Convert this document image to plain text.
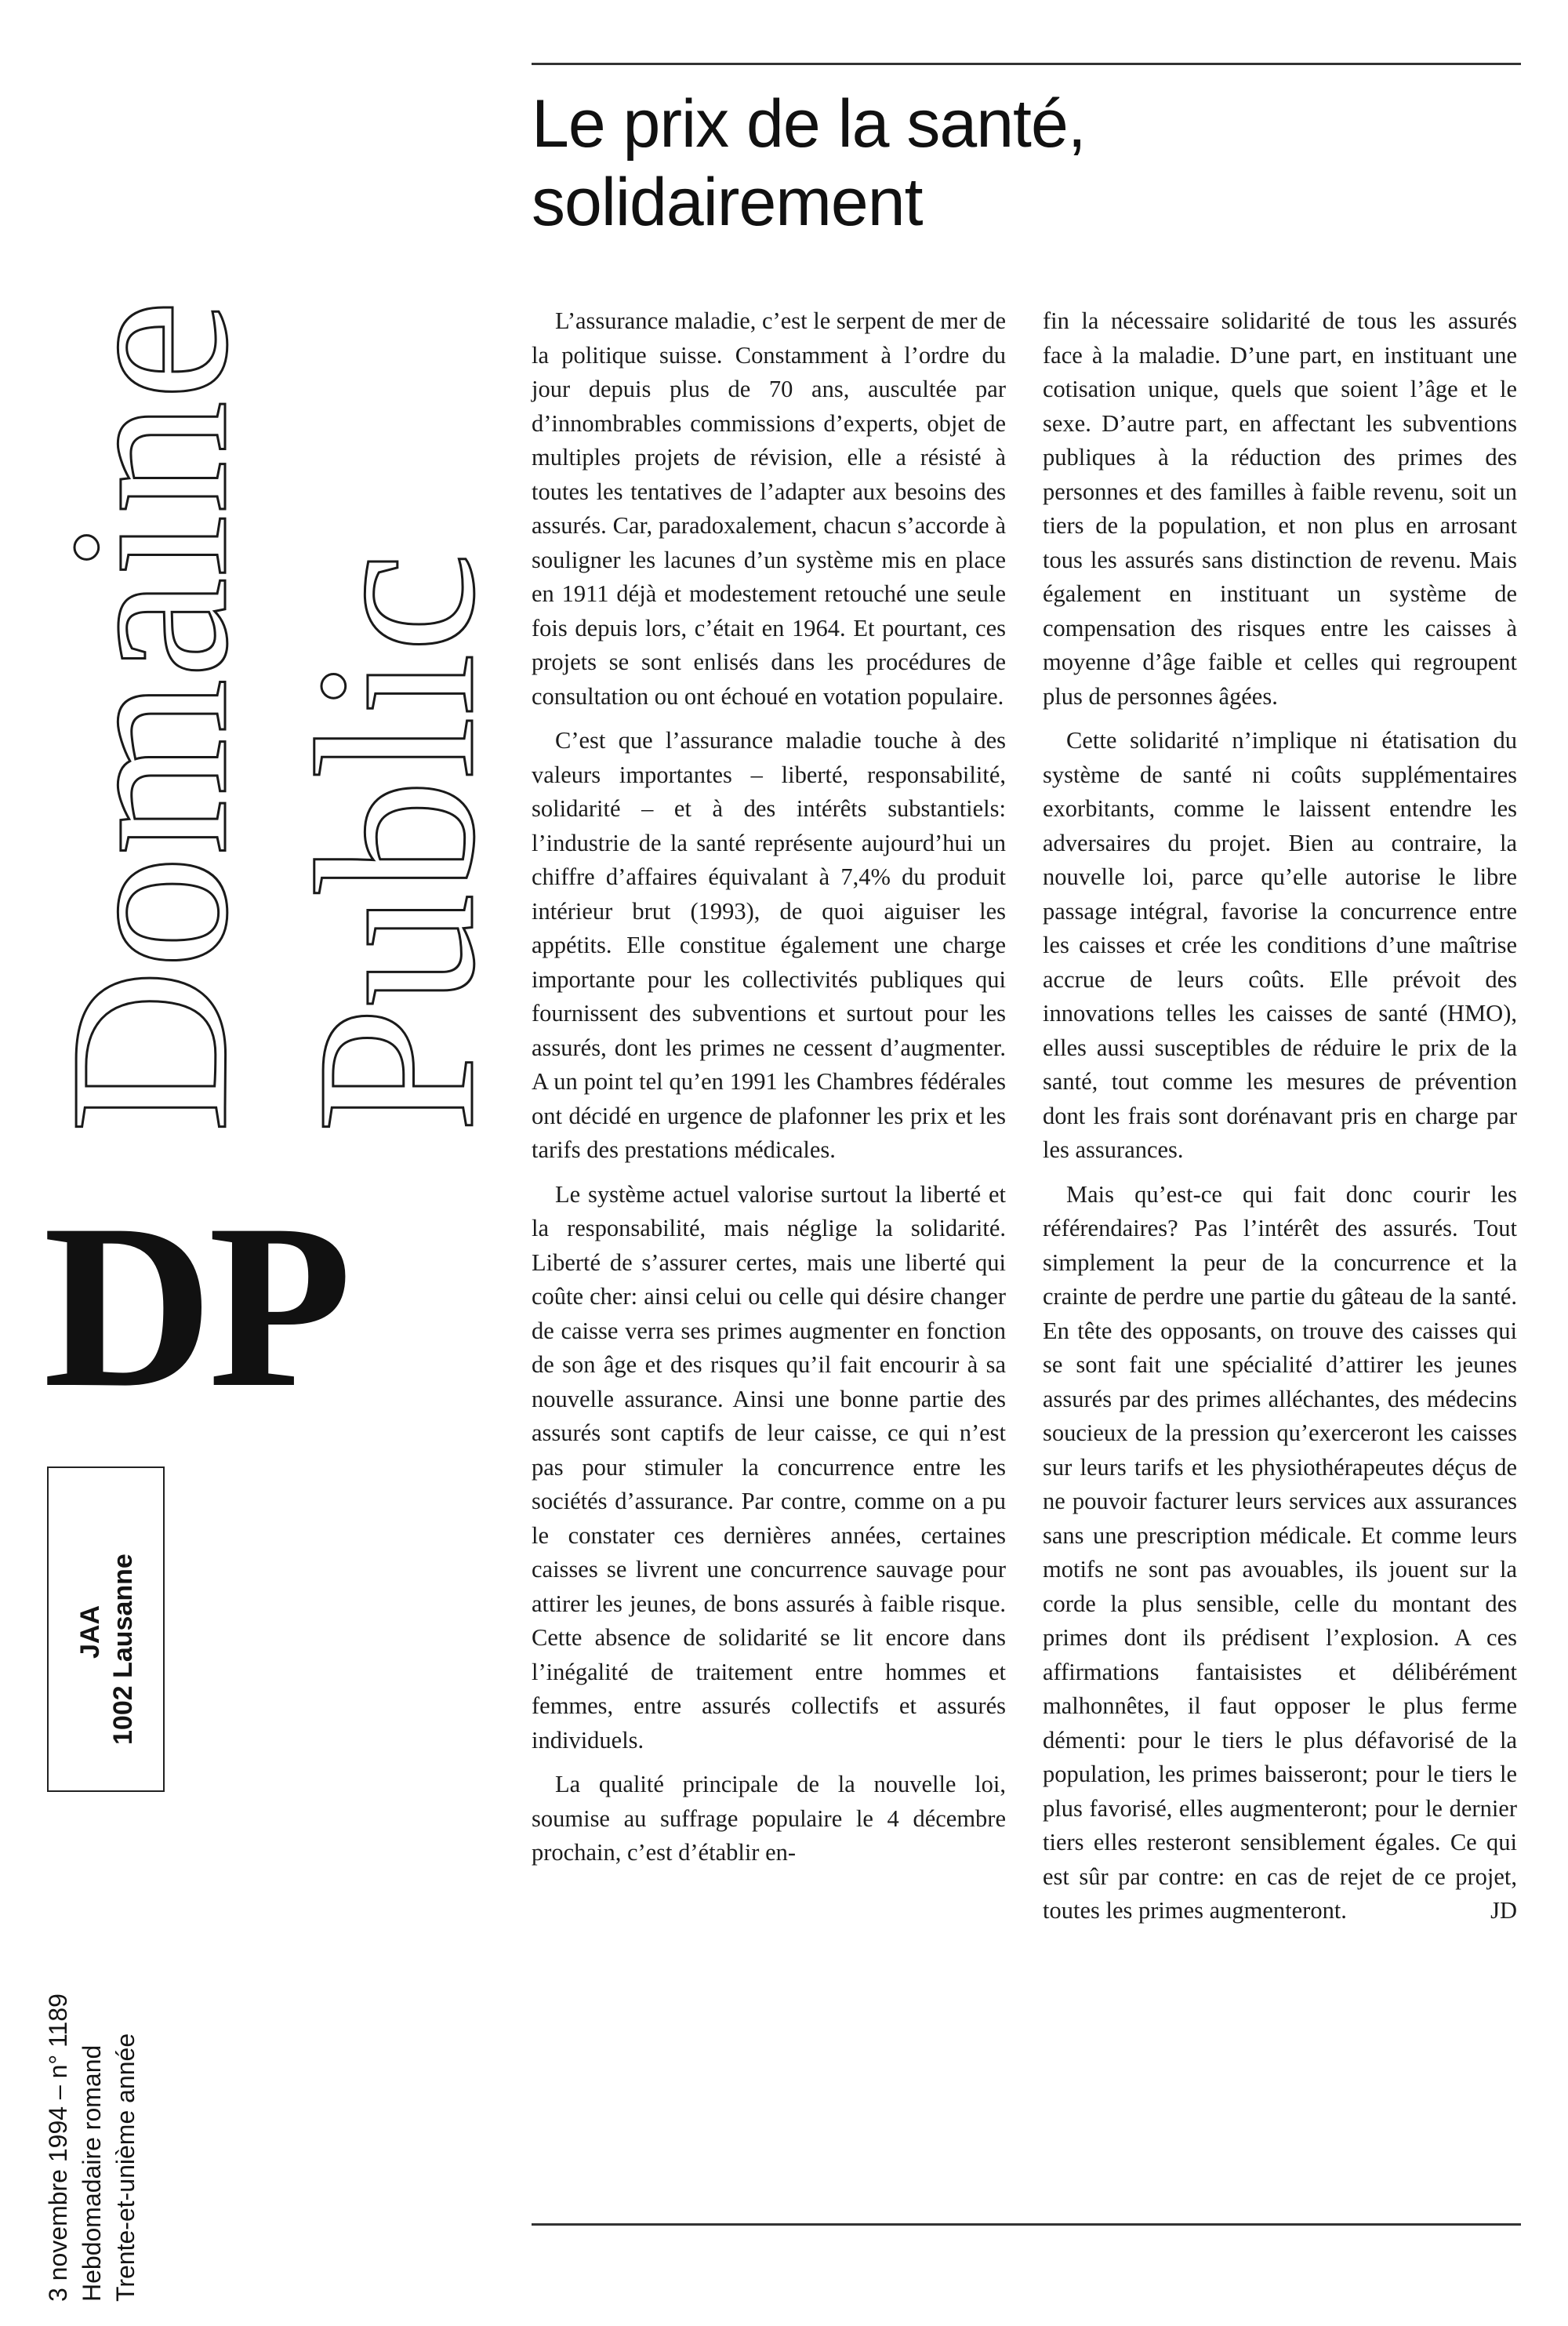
Domaine
Public
DP
JAA 1002 Lausanne
3 novembre 1994 – n° 1189 Hebdomadaire romand Trente-et-unième année
Le prix de la santé,
solidairement

L’assurance maladie, c’est le serpent de mer de la politique suisse. Constamment à l’ordre du jour depuis plus de 70 ans, auscultée par d’innombrables commissions d’experts, objet de multiples projets de révision, elle a résisté à toutes les tentatives de l’adapter aux besoins des assurés. Car, paradoxalement, chacun s’accorde à souligner les lacunes d’un système mis en place en 1911 déjà et modestement retouché une seule fois depuis lors, c’était en 1964. Et pourtant, ces projets se sont enlisés dans les procédures de consultation ou ont échoué en votation populaire.

C’est que l’assurance maladie touche à des valeurs importantes – liberté, responsabilité, solidarité – et à des intérêts substantiels: l’industrie de la santé représente aujourd’hui un chiffre d’affaires équivalant à 7,4% du produit intérieur brut (1993), de quoi aiguiser les appétits. Elle constitue également une charge importante pour les collectivités publiques qui fournissent des subventions et surtout pour les assurés, dont les primes ne cessent d’augmenter. A un point tel qu’en 1991 les Chambres fédérales ont décidé en urgence de plafonner les prix et les tarifs des prestations médicales.

Le système actuel valorise surtout la liberté et la responsabilité, mais néglige la solidarité. Liberté de s’assurer certes, mais une liberté qui coûte cher: ainsi celui ou celle qui désire changer de caisse verra ses primes augmenter en fonction de son âge et des risques qu’il fait encourir à sa nouvelle assurance. Ainsi une bonne partie des assurés sont captifs de leur caisse, ce qui n’est pas pour stimuler la concurrence entre les sociétés d’assurance. Par contre, comme on a pu le constater ces dernières années, certaines caisses se livrent une concurrence sauvage pour attirer les jeunes, de bons assurés à faible risque. Cette absence de solidarité se lit encore dans l’inégalité de traitement entre hommes et femmes, entre assurés collectifs et assurés individuels.

La qualité principale de la nouvelle loi, soumise au suffrage populaire le 4 décembre prochain, c’est d’établir en-

fin la nécessaire solidarité de tous les assurés face à la maladie. D’une part, en instituant une cotisation unique, quels que soient l’âge et le sexe. D’autre part, en affectant les subventions publiques à la réduction des primes des personnes et des familles à faible revenu, soit un tiers de la population, et non plus en arrosant tous les assurés sans distinction de revenu. Mais également en instituant un système de compensation des risques entre les caisses à moyenne d’âge faible et celles qui regroupent plus de personnes âgées.

Cette solidarité n’implique ni étatisation du système de santé ni coûts supplémentaires exorbitants, comme le laissent entendre les adversaires du projet. Bien au contraire, la nouvelle loi, parce qu’elle autorise le libre passage intégral, favorise la concurrence entre les caisses et crée les conditions d’une maîtrise accrue de leurs coûts. Elle prévoit des innovations telles les caisses de santé (HMO), elles aussi susceptibles de réduire le prix de la santé, tout comme les mesures de prévention dont les frais sont dorénavant pris en charge par les assurances.

Mais qu’est-ce qui fait donc courir les référendaires? Pas l’intérêt des assurés. Tout simplement la peur de la concurrence et la crainte de perdre une partie du gâteau de la santé. En tête des opposants, on trouve des caisses qui se sont fait une spécialité d’attirer les jeunes assurés par des primes alléchantes, des médecins soucieux de la pression qu’exerceront les caisses sur leurs tarifs et les physiothérapeutes déçus de ne pouvoir facturer leurs services aux assurances sans une prescription médicale. Et comme leurs motifs ne sont pas avouables, ils jouent sur la corde la plus sensible, celle du montant des primes dont ils prédisent l’explosion. A ces affirmations fantaisistes et délibérément malhonnêtes, il faut opposer le plus ferme démenti: pour le tiers le plus défavorisé de la population, les primes baisseront; pour le tiers le plus favorisé, elles augmenteront; pour le dernier tiers elles resteront sensiblement égales. Ce qui est sûr par contre: en cas de rejet de ce projet, toutes les primes augmenteront.	JD
